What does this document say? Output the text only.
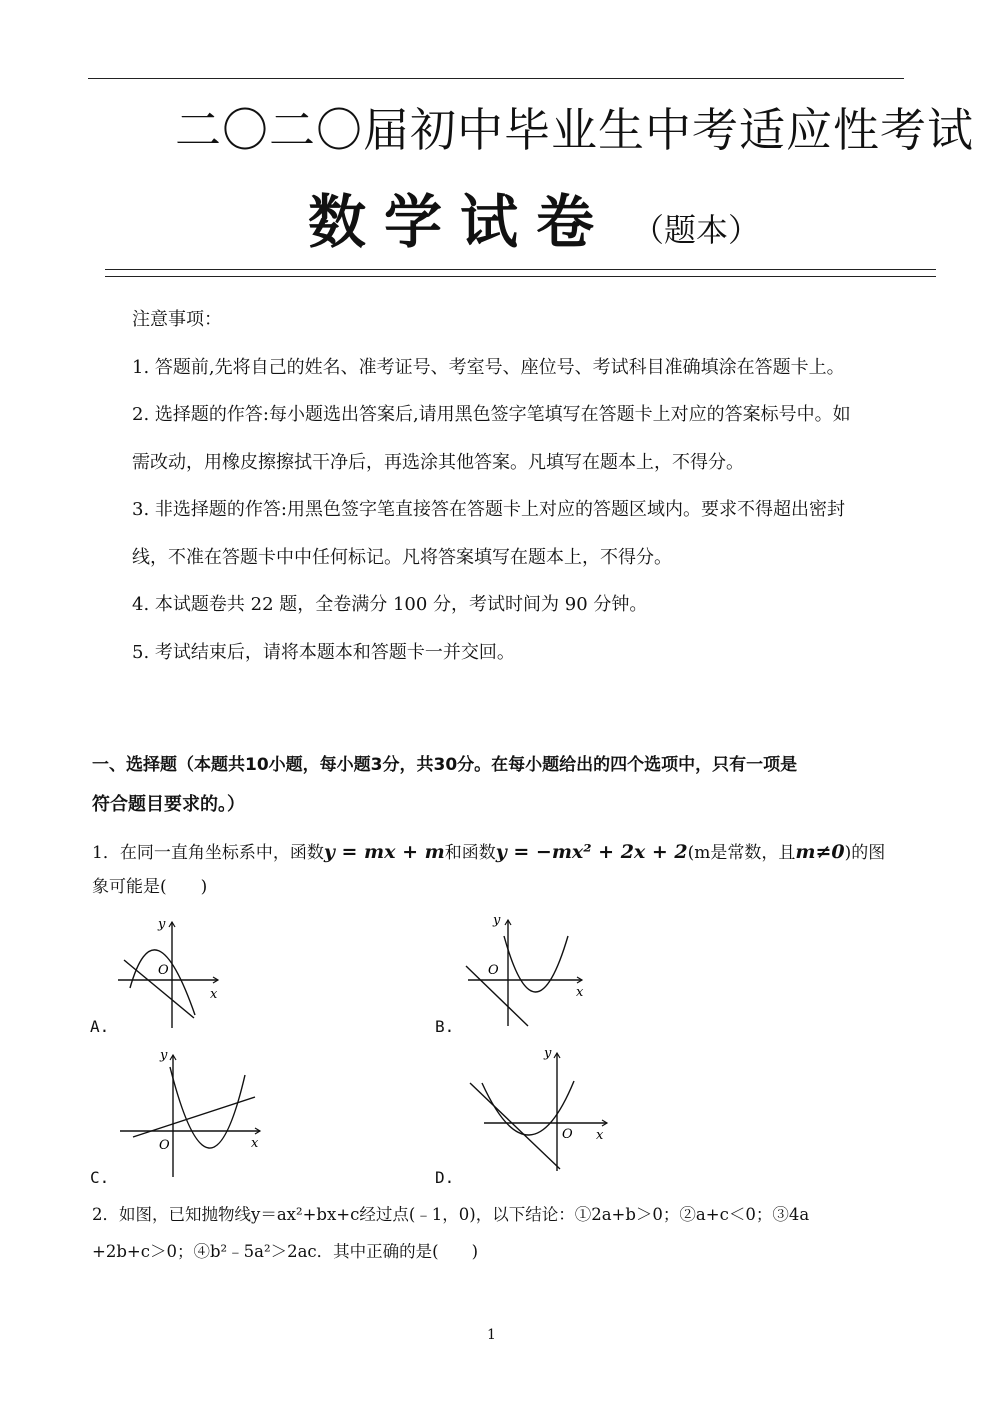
二〇二〇届初中毕业生中考适应性考试
数学试卷 （题本）
注意事项：
1. 答题前,先将自己的姓名、准考证号、考室号、座位号、考试科目准确填涂在答题卡上。
2. 选择题的作答:每小题选出答案后,请用黑色签字笔填写在答题卡上对应的答案标号中。如
需改动，用橡皮擦擦拭干净后，再选涂其他答案。凡填写在题本上，不得分。
3. 非选择题的作答:用黑色签字笔直接答在答题卡上对应的答题区域内。要求不得超出密封
线，不准在答题卡中中任何标记。凡将答案填写在题本上，不得分。
4. 本试题卷共 22 题，全卷满分 100 分，考试时间为 90 分钟。
5. 考试结束后，请将本题本和答题卡一并交回。
一、选择题（本题共10小题，每小题3分，共30分。在每小题给出的四个选项中，只有一项是
符合题目要求的。）
1．在同一直角坐标系中，函数y = mx + m和函数y = −mx² + 2x + 2(m是常数，且m≠0)的图
象可能是(　　)
y
x
O
A.
y
x
O
B.
y
x
O
C.
y
x
O
D.
2．如图，已知抛物线y＝ax²+bx+c经过点(﹣1，0)，以下结论：①2a+b＞0；②a+c＜0；③4a
+2b+c＞0；④b²﹣5a²＞2ac．其中正确的是(　　)
1
